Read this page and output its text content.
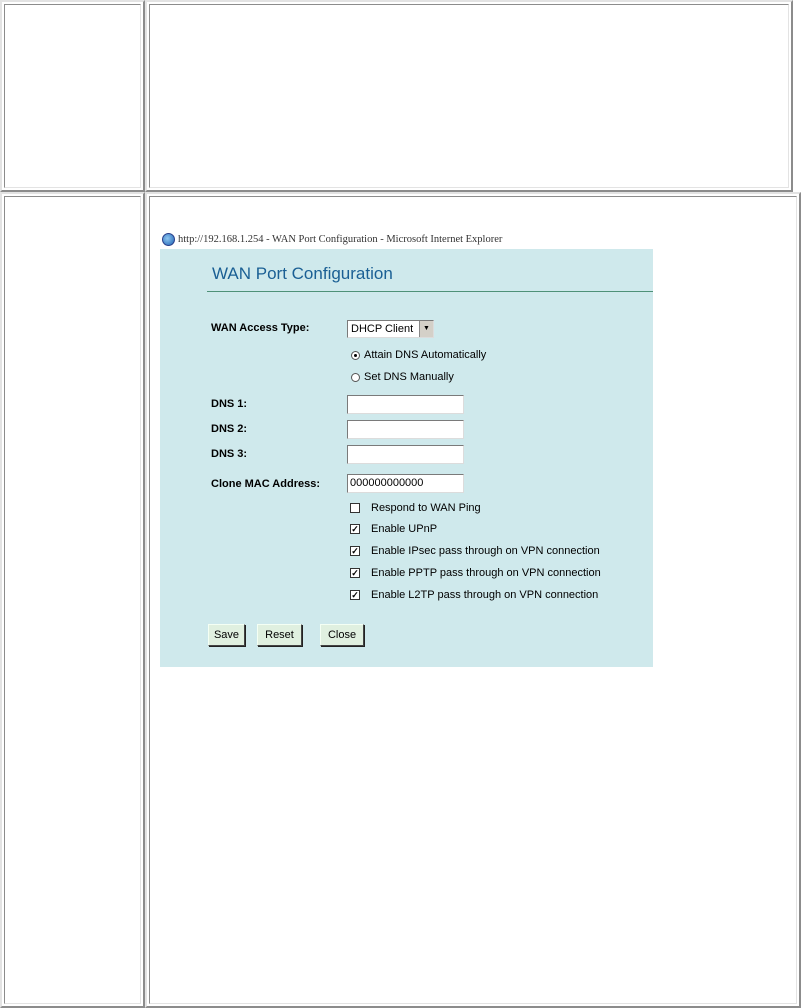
http://192.168.1.254 - WAN Port Configuration - Microsoft Internet Explorer
WAN Port Configuration
WAN Access Type:	DHCP Client	▼
Attain DNS Automatically
Set DNS Manually
DNS 1:
DNS 2:
DNS 3:
Clone MAC Address:	000000000000
Respond to WAN Ping
✓ Enable UPnP
✓ Enable IPsec pass through on VPN connection
✓ Enable PPTP pass through on VPN connection
✓ Enable L2TP pass through on VPN connection
Save	Reset	Close
